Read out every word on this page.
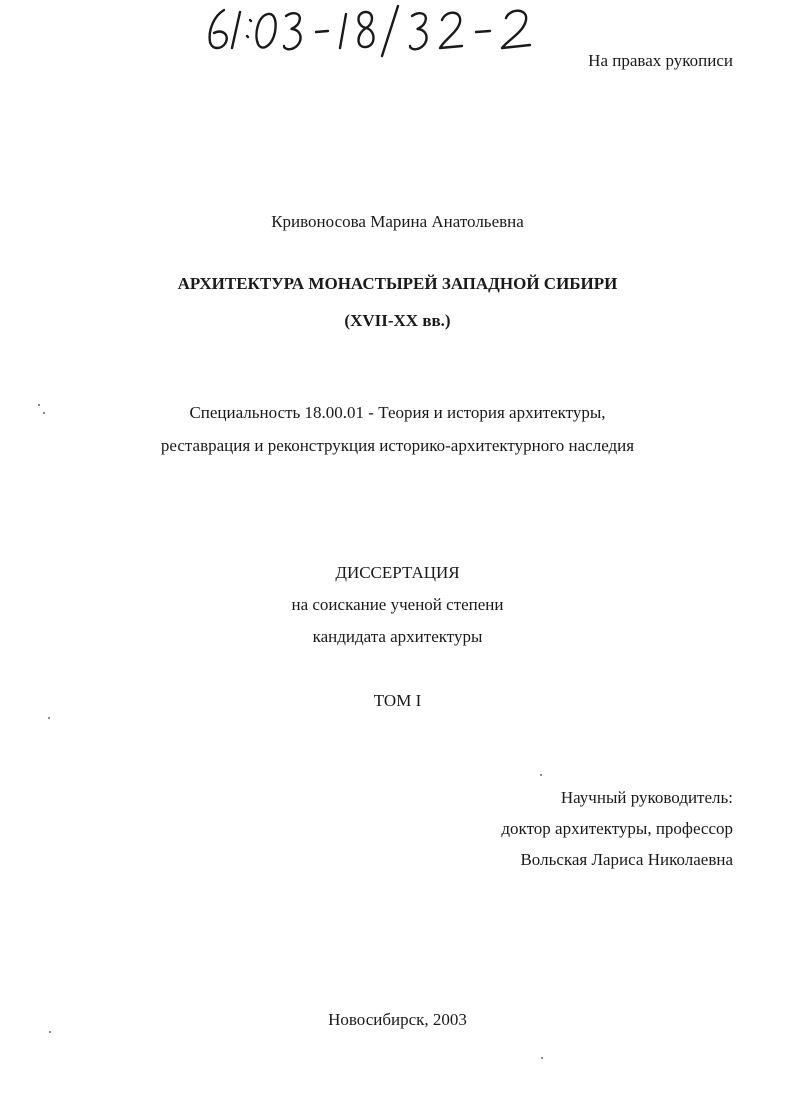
На правах рукописи
Кривоносова Марина Анатольевна
АРХИТЕКТУРА МОНАСТЫРЕЙ ЗАПАДНОЙ СИБИРИ
(XVII-XX вв.)
Специальность 18.00.01 - Теория и история архитектуры,
реставрация и реконструкция историко-архитектурного наследия
ДИССЕРТАЦИЯ
на соискание ученой степени
кандидата архитектуры
ТОМ I
Научный руководитель:
доктор архитектуры, профессор
Вольская Лариса Николаевна
Новосибирск, 2003
